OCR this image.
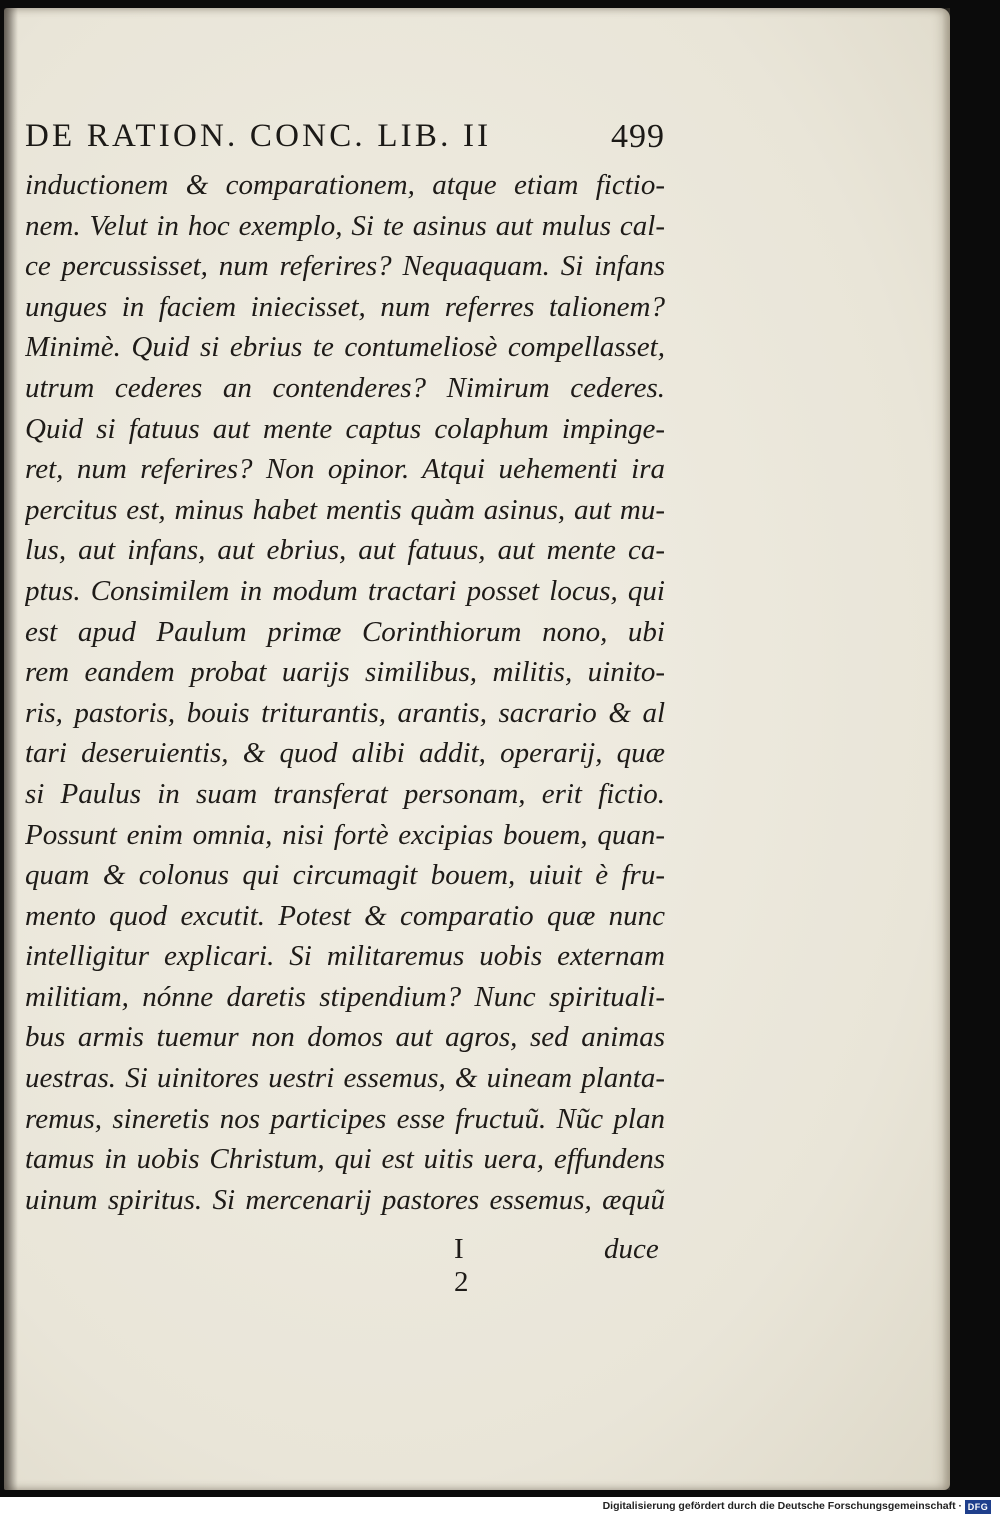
DE RATION. CONC. LIB. II	499
inductionem & comparationem, atque etiam fictio-
nem. Velut in hoc exemplo, Si te asinus aut mulus cal-
ce percussisset, num referires? Nequaquam. Si infans
ungues in faciem iniecisset, num referres talionem?
Minimè. Quid si ebrius te contumeliosè compellasset,
utrum cederes an contenderes? Nimirum cederes.
Quid si fatuus aut mente captus colaphum impinge-
ret, num referires? Non opinor. Atqui uehementi ira
percitus est, minus habet mentis quàm asinus, aut mu-
lus, aut infans, aut ebrius, aut fatuus, aut mente ca-
ptus. Consimilem in modum tractari posset locus, qui
est apud Paulum primæ Corinthiorum nono, ubi
rem eandem probat uarijs similibus, militis, uinito-
ris, pastoris, bouis triturantis, arantis, sacrario & al
tari deseruientis, & quod alibi addit, operarij, quæ
si Paulus in suam transferat personam, erit fictio.
Possunt enim omnia, nisi fortè excipias bouem, quan-
quam & colonus qui circumagit bouem, uiuit è fru-
mento quod excutit. Potest & comparatio quæ nunc
intelligitur explicari. Si militaremus uobis externam
militiam, nónne daretis stipendium? Nunc spirituali-
bus armis tuemur non domos aut agros, sed animas
uestras. Si uinitores uestri essemus, & uineam planta-
remus, sineretis nos participes esse fructuũ. Nũc plan
tamus in uobis Christum, qui est uitis uera, effundens
uinum spiritus. Si mercenarij pastores essemus, æquũ
I 2
duce
Digitalisierung gefördert durch die Deutsche Forschungsgemeinschaft · DFG
